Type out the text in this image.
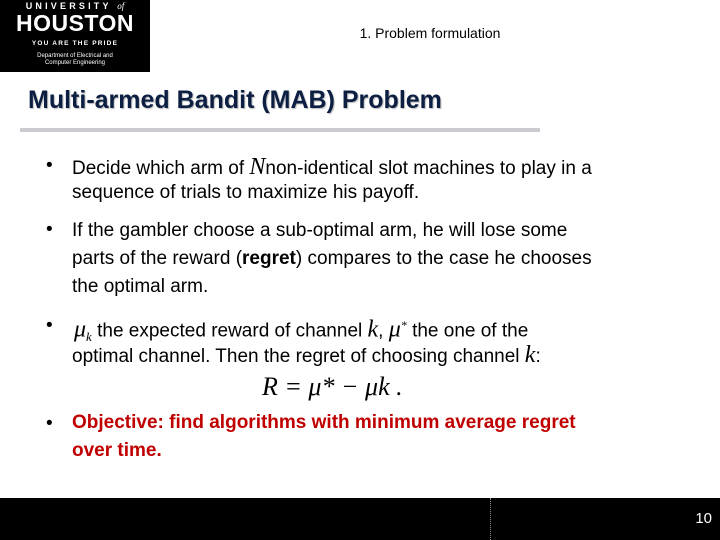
UNIVERSITY of
HOUSTON
YOU ARE THE PRIDE
Department of Electrical and
Computer Engineering
1. Problem formulation
Multi-armed Bandit (MAB) Problem
• Decide which arm of Nnon-identical slot machines to play in a
sequence of trials to maximize his payoff.
• If the gambler choose a sub-optimal arm, he will lose some
parts of the reward (regret) compares to the case he chooses
the optimal arm.
• $\mu_k$ the expected reward of channel k, μ* the one of the
optimal channel. Then the regret of choosing channel k:
R = μ* − μk .
• Objective: find algorithms with minimum average regret
over time.
10
